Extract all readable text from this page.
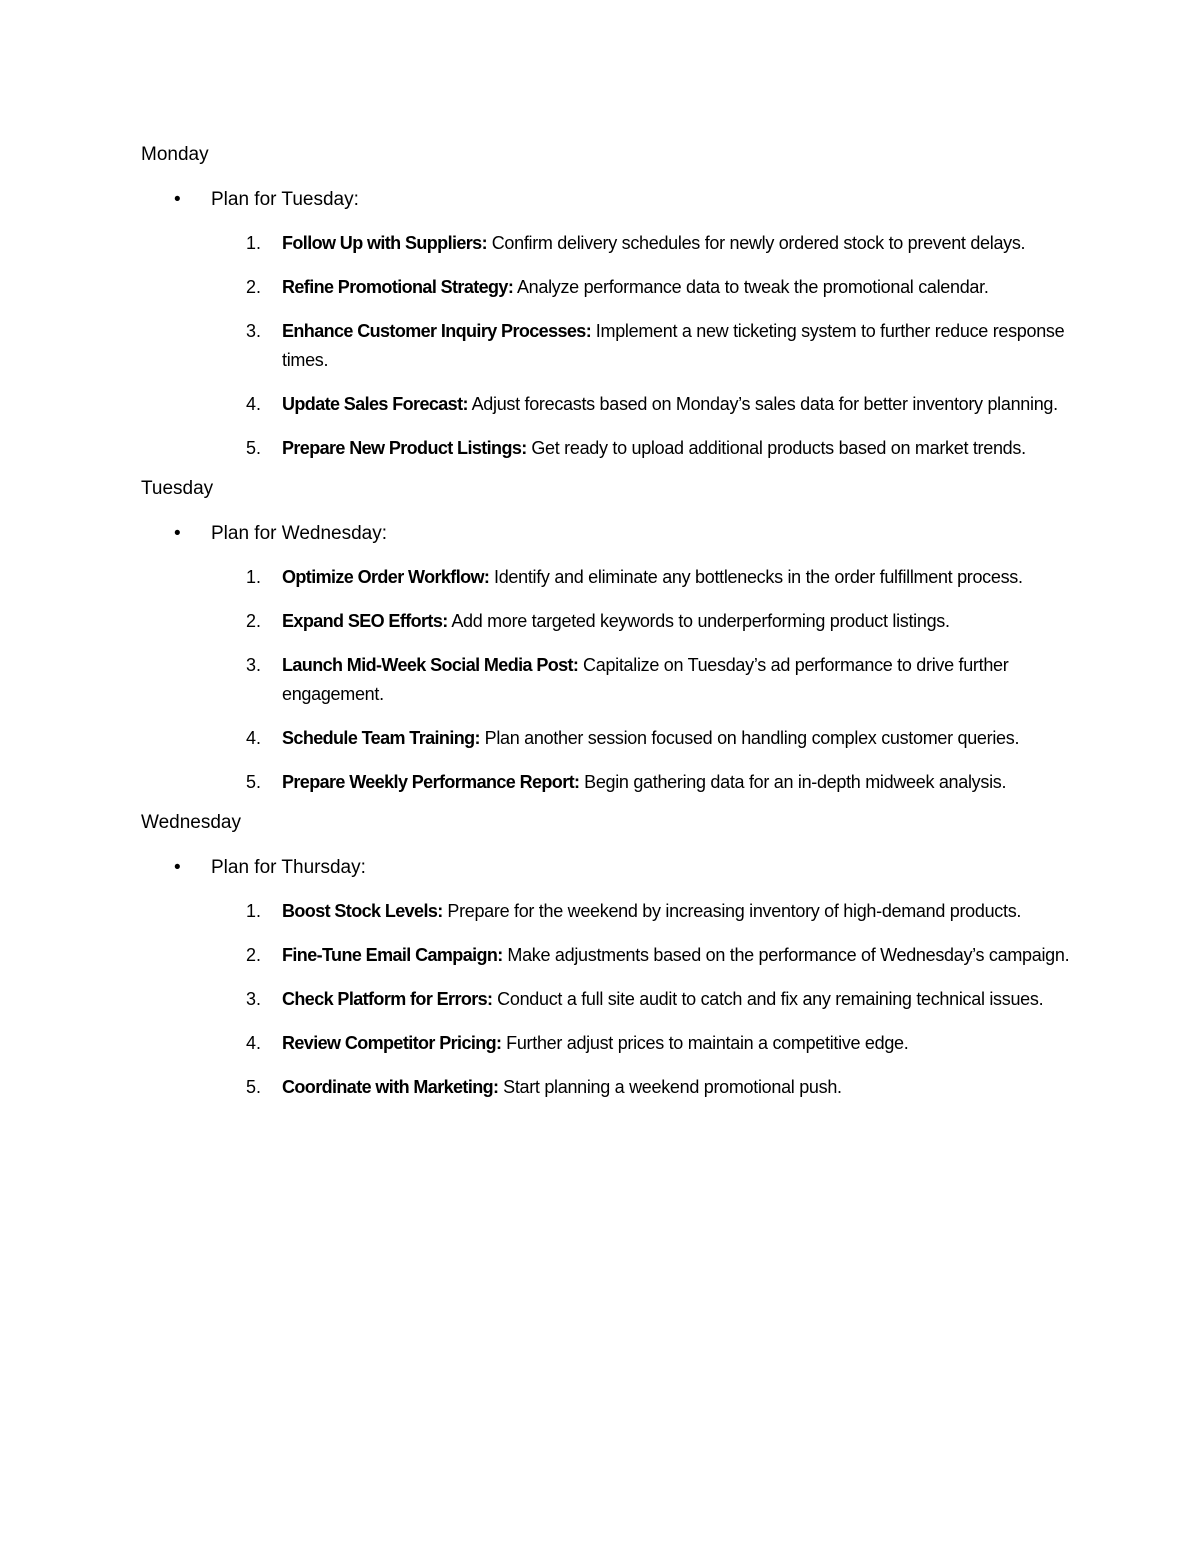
Monday
• Plan for Tuesday:
1. Follow Up with Suppliers: Confirm delivery schedules for newly ordered stock to prevent delays.
2. Refine Promotional Strategy: Analyze performance data to tweak the promotional calendar.
3. Enhance Customer Inquiry Processes: Implement a new ticketing system to further reduce response times.
4. Update Sales Forecast: Adjust forecasts based on Monday’s sales data for better inventory planning.
5. Prepare New Product Listings: Get ready to upload additional products based on market trends.
Tuesday
• Plan for Wednesday:
1. Optimize Order Workflow: Identify and eliminate any bottlenecks in the order fulfillment process.
2. Expand SEO Efforts: Add more targeted keywords to underperforming product listings.
3. Launch Mid-Week Social Media Post: Capitalize on Tuesday’s ad performance to drive further engagement.
4. Schedule Team Training: Plan another session focused on handling complex customer queries.
5. Prepare Weekly Performance Report: Begin gathering data for an in-depth midweek analysis.
Wednesday
• Plan for Thursday:
1. Boost Stock Levels: Prepare for the weekend by increasing inventory of high-demand products.
2. Fine-Tune Email Campaign: Make adjustments based on the performance of Wednesday’s campaign.
3. Check Platform for Errors: Conduct a full site audit to catch and fix any remaining technical issues.
4. Review Competitor Pricing: Further adjust prices to maintain a competitive edge.
5. Coordinate with Marketing: Start planning a weekend promotional push.
